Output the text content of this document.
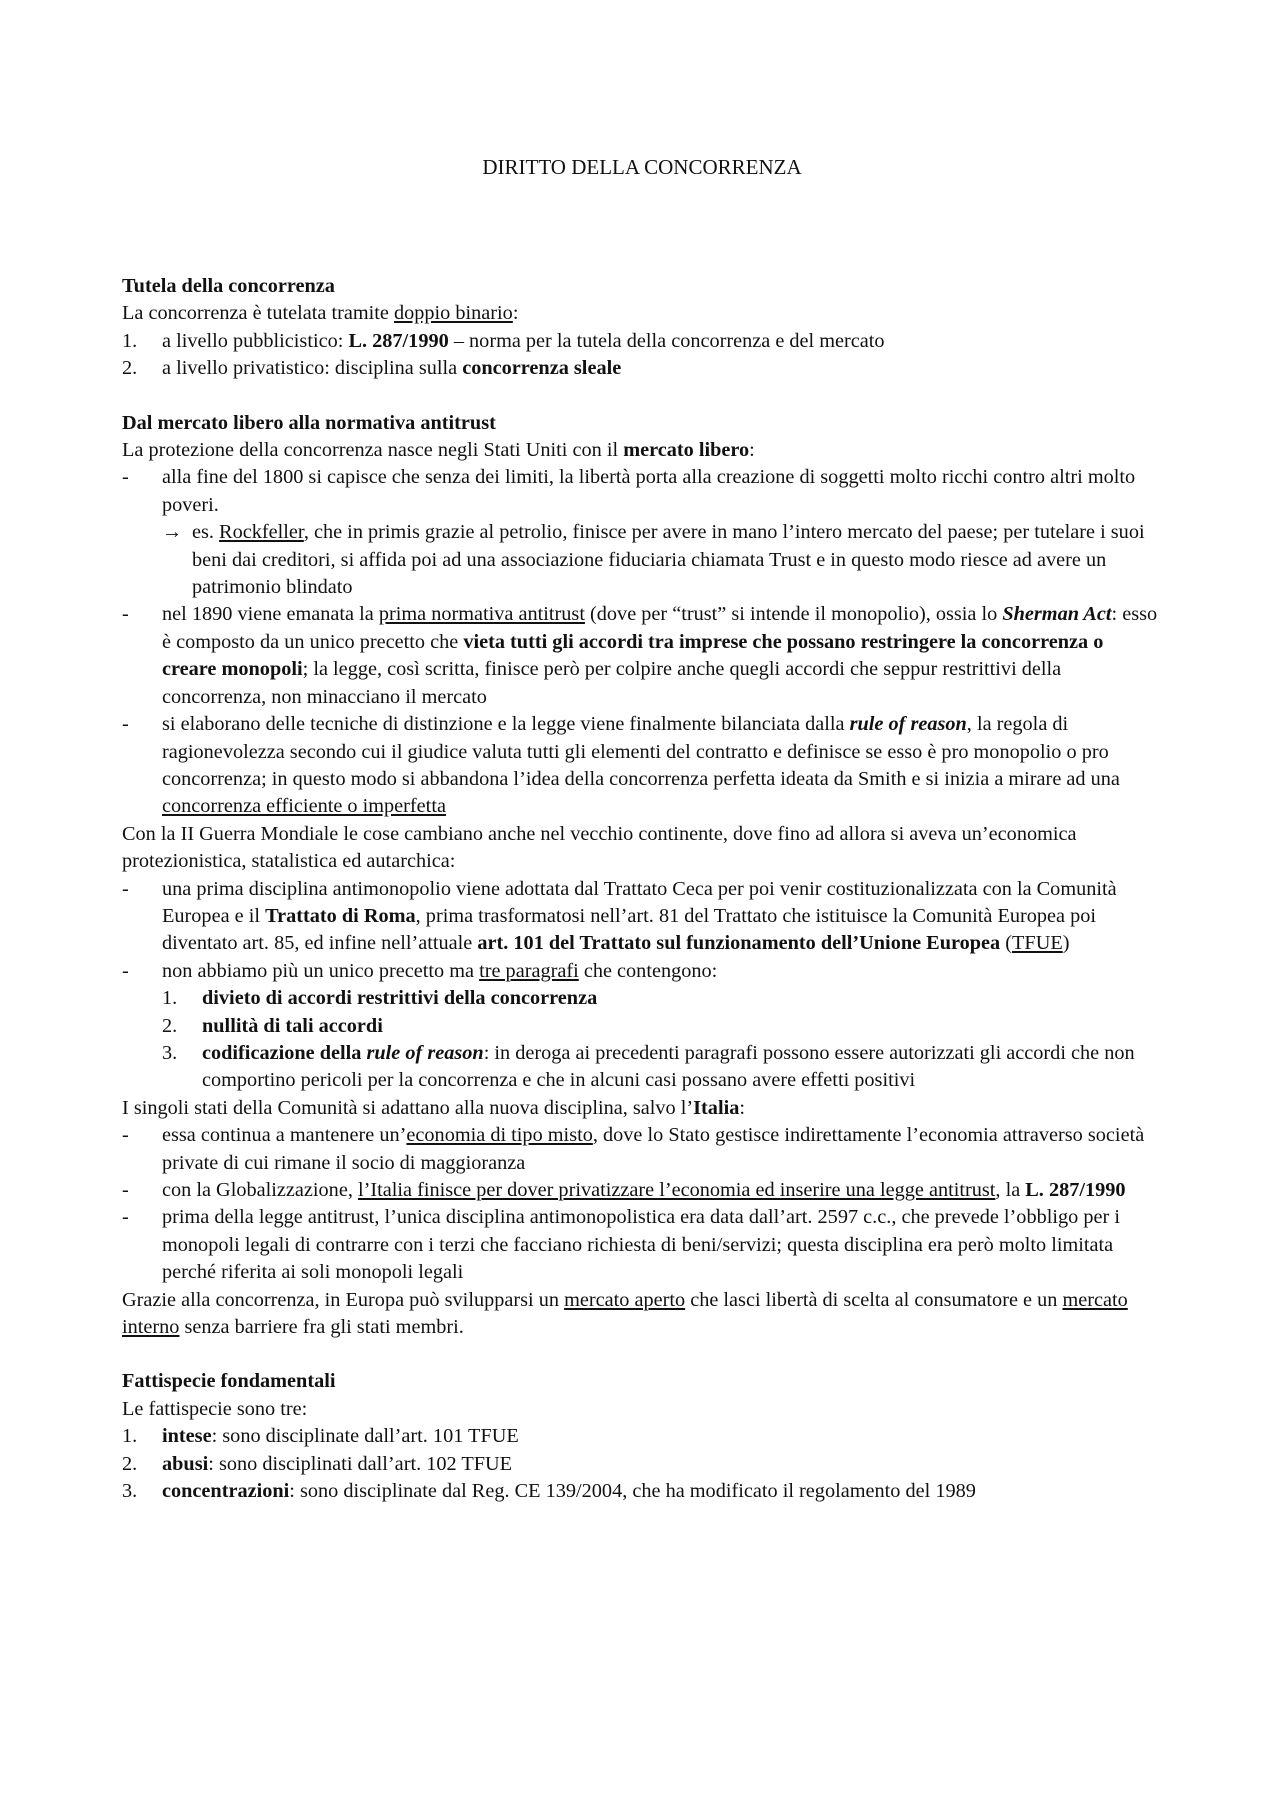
DIRITTO DELLA CONCORRENZA
Tutela della concorrenza
La concorrenza è tutelata tramite doppio binario:
1.	a livello pubblicistico: L. 287/1990 – norma per la tutela della concorrenza e del mercato
2.	a livello privatistico: disciplina sulla concorrenza sleale
Dal mercato libero alla normativa antitrust
La protezione della concorrenza nasce negli Stati Uniti con il mercato libero:
-	alla fine del 1800 si capisce che senza dei limiti, la libertà porta alla creazione di soggetti molto ricchi contro altri molto poveri.
→ es. Rockfeller, che in primis grazie al petrolio, finisce per avere in mano l’intero mercato del paese; per tutelare i suoi beni dai creditori, si affida poi ad una associazione fiduciaria chiamata Trust e in questo modo riesce ad avere un patrimonio blindato
-	nel 1890 viene emanata la prima normativa antitrust (dove per “trust” si intende il monopolio), ossia lo Sherman Act: esso è composto da un unico precetto che vieta tutti gli accordi tra imprese che possano restringere la concorrenza o creare monopoli; la legge, così scritta, finisce però per colpire anche quegli accordi che seppur restrittivi della concorrenza, non minacciano il mercato
-	si elaborano delle tecniche di distinzione e la legge viene finalmente bilanciata dalla rule of reason, la regola di ragionevolezza secondo cui il giudice valuta tutti gli elementi del contratto e definisce se esso è pro monopolio o pro concorrenza; in questo modo si abbandona l’idea della concorrenza perfetta ideata da Smith e si inizia a mirare ad una concorrenza efficiente o imperfetta
Con la II Guerra Mondiale le cose cambiano anche nel vecchio continente, dove fino ad allora si aveva un’economica protezionistica, statalistica ed autarchica:
-	una prima disciplina antimonopolio viene adottata dal Trattato Ceca per poi venir costituzionalizzata con la Comunità Europea e il Trattato di Roma, prima trasformatosi nell’art. 81 del Trattato che istituisce la Comunità Europea poi diventato art. 85, ed infine nell’attuale art. 101 del Trattato sul funzionamento dell’Unione Europea (TFUE)
-	non abbiamo più un unico precetto ma tre paragrafi che contengono:
1.	divieto di accordi restrittivi della concorrenza
2.	nullità di tali accordi
3.	codificazione della rule of reason: in deroga ai precedenti paragrafi possono essere autorizzati gli accordi che non comportino pericoli per la concorrenza e che in alcuni casi possano avere effetti positivi
I singoli stati della Comunità si adattano alla nuova disciplina, salvo l’Italia:
-	essa continua a mantenere un’economia di tipo misto, dove lo Stato gestisce indirettamente l’economia attraverso società private di cui rimane il socio di maggioranza
-	con la Globalizzazione, l’Italia finisce per dover privatizzare l’economia ed inserire una legge antitrust, la L. 287/1990
-	prima della legge antitrust, l’unica disciplina antimonopolistica era data dall’art. 2597 c.c., che prevede l’obbligo per i monopoli legali di contrarre con i terzi che facciano richiesta di beni/servizi; questa disciplina era però molto limitata perché riferita ai soli monopoli legali
Grazie alla concorrenza, in Europa può svilupparsi un mercato aperto che lasci libertà di scelta al consumatore e un mercato interno senza barriere fra gli stati membri.
Fattispecie fondamentali
Le fattispecie sono tre:
1.	intese: sono disciplinate dall’art. 101 TFUE
2.	abusi: sono disciplinati dall’art. 102 TFUE
3.	concentrazioni: sono disciplinate dal Reg. CE 139/2004, che ha modificato il regolamento del 1989
